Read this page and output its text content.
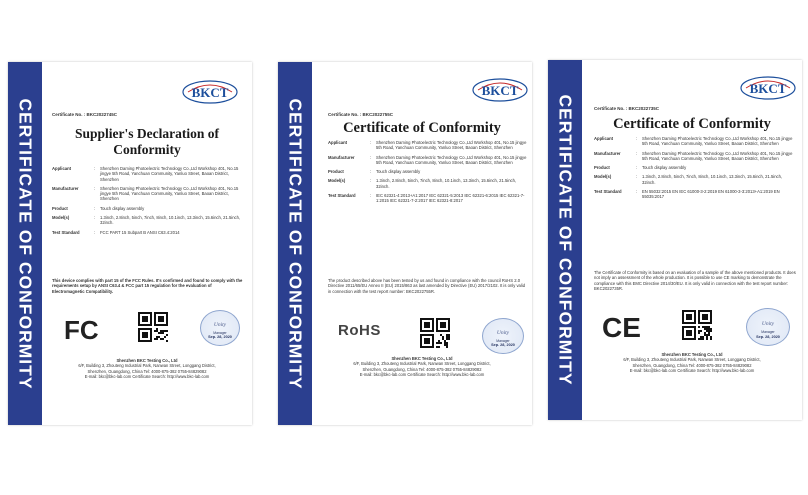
CERTIFICATE OF CONFORMITY
BKCT
Certificate No. : BKC2022745C
Supplier's Declaration of
Conformity
Applicant	:	Shenzhen Daming Photoelectric Technology Co.,Ltd Workshop 401, No.15 jingye 5th Road, Yanchuan Community, Yanluo Street, Baoan District, Shenzhen
Manufacturer	:	Shenzhen Daming Photoelectric Technology Co.,Ltd Workshop 401, No.15 jingye 5th Road, Yanchuan Community, Yanluo Street, Baoan District, Shenzhen
Product	:	Touch display assembly
Model(s)	:	1.3inch, 2.8inch, 5inch, 7inch, 8inch, 10.1inch, 13.3inch, 15.6inch, 21.5inch, 32inch.
Test Standard	:	FCC PART 15 Subpart B ANSI C63.4:2014
This device complies with part 15 of the FCC Rules. It's confirmed and found to comply with the requirements setup by ANSI C63.4 & FCC part 15 regulation for the evaluation of Electromagnetic Compatibility.
FC	Unity
Manager
Sep. 28, 2020
Shenzhen BKC Testing Co., Ltd
6/F, Building 3, Zhouteng Industrial Park, Nanwan Street, Longgang District,
Shenzhen, Guangdong, China Tel: 4000-875-382 0755-84829082
E-mail: bkc@bkc-lab.com Certificate Search: http://www.bkc-lab.com	CERTIFICATE OF CONFORMITY
BKCT
Certificate No. : BKC2022755C
Certificate of Conformity
Applicant	:	Shenzhen Daming Photoelectric Technology Co.,Ltd Workshop 401, No.15 jingye 5th Road, Yanchuan Community, Yanluo Street, Baoan District, Shenzhen
Manufacturer	:	Shenzhen Daming Photoelectric Technology Co.,Ltd Workshop 401, No.15 jingye 5th Road, Yanchuan Community, Yanluo Street, Baoan District, Shenzhen
Product	:	Touch display assembly
Model(s)	:	1.3inch, 2.8inch, 5inch, 7inch, 8inch, 10.1inch, 13.3inch, 15.6inch, 21.5inch, 32inch.
Test Standard	:	IEC 62321-4:2013+A1:2017 IEC 62321-5:2013 IEC 62321-6:2015 IEC 62321-7-1:2015 IEC 62321-7-2:2017 IEC 62321-8:2017
The product described above has been tested by us and found in compliance with the council RoHS 2.0 Directive 2011/65/EU Annex II (EU) 2015/863 as last amended by Directive (EU) 2017/2102. It is only valid in connection with the test report number: BKC2022755R.
RoHS	Unity
Manager
Sep. 28, 2020
Shenzhen BKC Testing Co., Ltd
6/F, Building 3, Zhouteng Industrial Park, Nanwan Street, Longgang District,
Shenzhen, Guangdong, China Tel: 4000-875-382 0755-84829082
E-mail: bkc@bkc-lab.com Certificate Search: http://www.bkc-lab.com	CERTIFICATE OF CONFORMITY
BKCT
Certificate No. : BKC2022735C
Certificate of Conformity
Applicant	:	Shenzhen Daming Photoelectric Technology Co.,Ltd Workshop 401, No.15 jingye 5th Road, Yanchuan Community, Yanluo Street, Baoan District, Shenzhen
Manufacturer	:	Shenzhen Daming Photoelectric Technology Co.,Ltd Workshop 401, No.15 jingye 5th Road, Yanchuan Community, Yanluo Street, Baoan District, Shenzhen
Product	:	Touch display assembly
Model(s)	:	1.3inch, 2.8inch, 5inch, 7inch, 8inch, 10.1inch, 13.3inch, 15.6inch, 21.5inch, 32inch.
Test Standard	:	EN 55032:2015 EN IEC 61000-3-2:2019 EN 61000-3-3:2013+A1:2019 EN 55035:2017
The Certificate of Conformity is based on an evaluation of a sample of the above mentioned products. It does not imply an assessment of the whole production. It is possible to use CE marking to demonstrate the compliance with this EMC Directive 2014/30/EU. It is only valid in connection with the test report number: BKC2022735R.
CE	Unity
Manager
Sep. 28, 2020
Shenzhen BKC Testing Co., Ltd
6/F, Building 3, Zhouteng Industrial Park, Nanwan Street, Longgang District,
Shenzhen, Guangdong, China Tel: 4000-875-382 0755-84829082
E-mail: bkc@bkc-lab.com Certificate Search: http://www.bkc-lab.com
